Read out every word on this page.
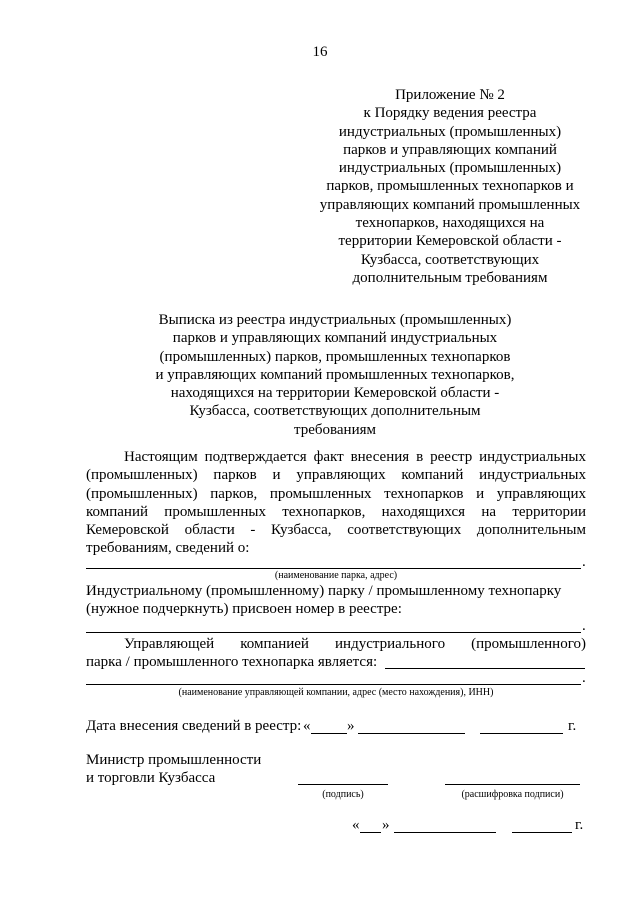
16
Приложение № 2
к Порядку ведения реестра
индустриальных (промышленных)
парков и управляющих компаний
индустриальных (промышленных)
парков, промышленных технопарков и
управляющих компаний промышленных
технопарков, находящихся на
территории Кемеровской области -
Кузбасса, соответствующих
дополнительным требованиям
Выписка из реестра индустриальных (промышленных)
парков и управляющих компаний индустриальных
(промышленных) парков, промышленных технопарков
и управляющих компаний промышленных технопарков,
находящихся на территории Кемеровской области -
Кузбасса, соответствующих дополнительным
требованиям
Настоящим подтверждается факт внесения в реестр индустриальных (промышленных) парков и управляющих компаний индустриальных (промышленных) парков, промышленных технопарков и управляющих компаний промышленных технопарков, находящихся на территории Кемеровской области - Кузбасса, соответствующих дополнительным требованиям, сведений о:
.
(наименование парка, адрес)
Индустриальному (промышленному) парку / промышленному технопарку
(нужное подчеркнуть) присвоен номер в реестре:
.
Управляющей компанией индустриального (промышленного)
парка / промышленного технопарка является:
.
(наименование управляющей компании, адрес (место нахождения), ИНН)
Дата внесения сведений в реестр: « »	г.
Министр промышленности
и торговли Кузбасса
(подпись)	(расшифровка подписи)
« »	г.
